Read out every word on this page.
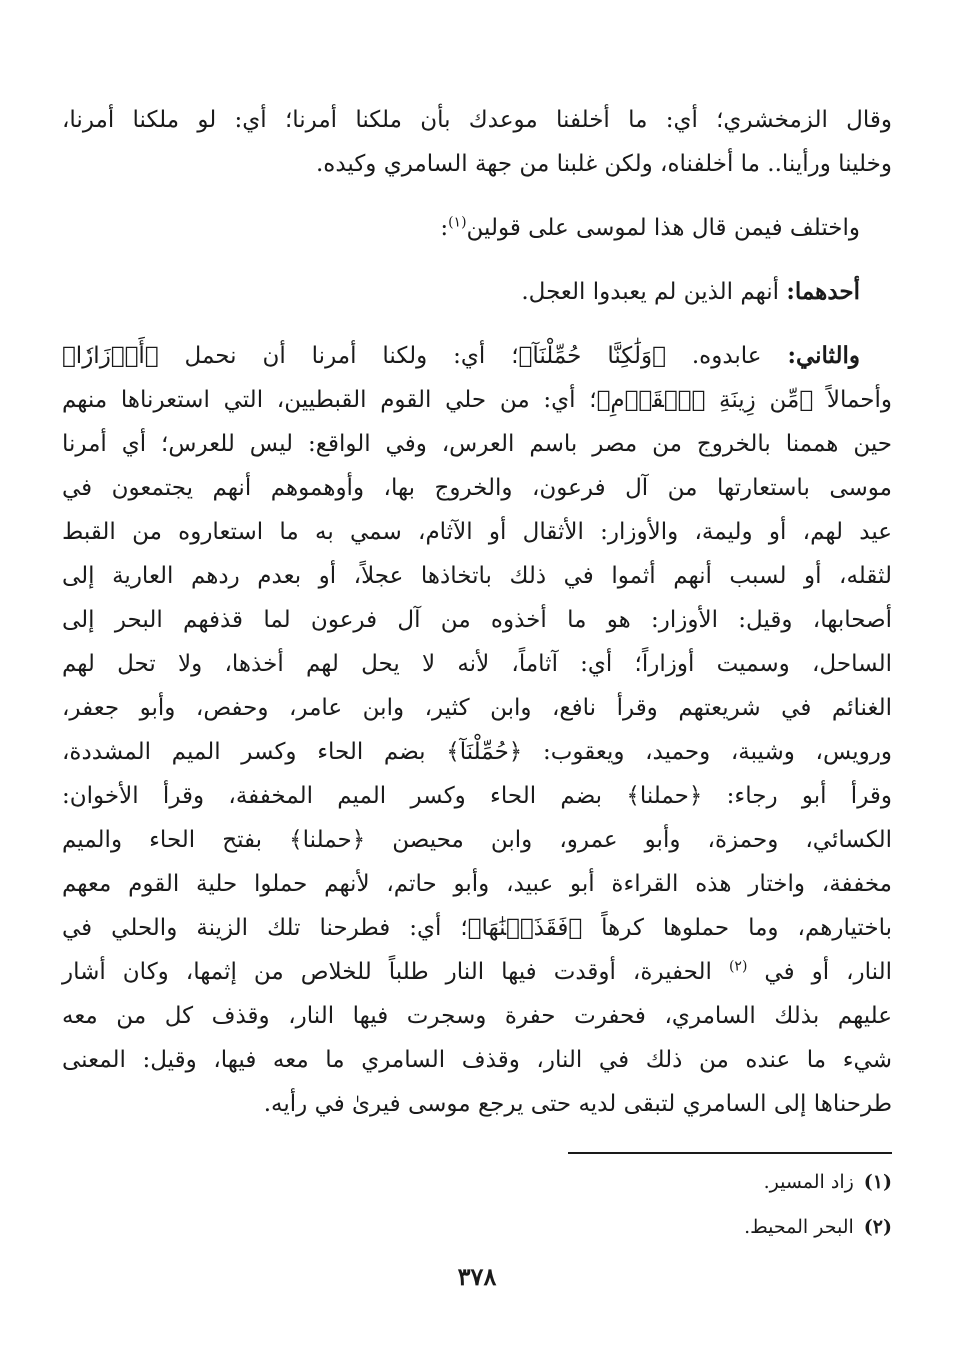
وقال الزمخشري؛ أي: ما أخلفنا موعدك بأن ملكنا أمرنا؛ أي: لو ملكنا أمرنا،
وخلينا ورأينا.. ما أخلفناه، ولكن غلبنا من جهة السامري وكيده.
واختلف فيمن قال هذا لموسى على قولين$^{(١)}$:
أحدهما: أنهم الذين لم يعبدوا العجل.
والثاني: عابدوه. ﴿وَلَٰكِنَّا حُمِّلْنَآ﴾؛ أي: ولكنا أمرنا أن نحمل ﴿أَوۡزَارٗا﴾
وأحمالاً ﴿مِّن زِينَةِ ٱلۡقَوۡمِ﴾؛ أي: من حلي القوم القبطيين، التي استعرناها منهم
حين هممنا بالخروج من مصر باسم العرس، وفي الواقع: ليس للعرس؛ أي أمرنا
موسى باستعارتها من آل فرعون، والخروج بها، وأوهموهم أنهم يجتمعون في
عيد لهم، أو وليمة، والأوزار: الأثقال أو الآثام، سمي به ما استعاروه من القبط
لثقله، أو لسبب أنهم أثموا في ذلك باتخاذها عجلاً، أو بعدم ردهم العارية إلى
أصحابها، وقيل: الأوزار: هو ما أخذوه من آل فرعون لما قذفهم البحر إلى
الساحل، وسميت أوزاراً؛ أي: آثاماً، لأنه لا يحل لهم أخذها، ولا تحل لهم
الغنائم في شريعتهم وقرأ نافع، وابن كثير، وابن عامر، وحفص، وأبو جعفر،
ورويس، وشيبة، وحميد، ويعقوب: ﴿حُمِّلْنَآ﴾ بضم الحاء وكسر الميم المشددة،
وقرأ أبو رجاء: ﴿حملنا﴾ بضم الحاء وكسر الميم المخففة، وقرأ الأخوان:
الكسائي، وحمزة، وأبو عمرو، وابن محيصن ﴿حملنا﴾ بفتح الحاء والميم
مخففة، واختار هذه القراءة أبو عبيد، وأبو حاتم، لأنهم حملوا حلية القوم معهم
باختيارهم، وما حملوها كرهاً ﴿فَقَذَفۡنَٰهَا﴾؛ أي: فطرحنا تلك الزينة والحلي في
النار، أو في $^{(٢)}$ الحفيرة، أوقدت فيها النار طلباً للخلاص من إثمها، وكان أشار
عليهم بذلك السامري، فحفرت حفرة وسجرت فيها النار، وقذف كل من معه
شيء ما عنده من ذلك في النار، وقذف السامري ما معه فيها، وقيل: المعنى
طرحناها إلى السامري لتبقى لديه حتى يرجع موسى فيرىٰ في رأيه.
(١)زاد المسير.
(٢)البحر المحيط.
٣٧٨
